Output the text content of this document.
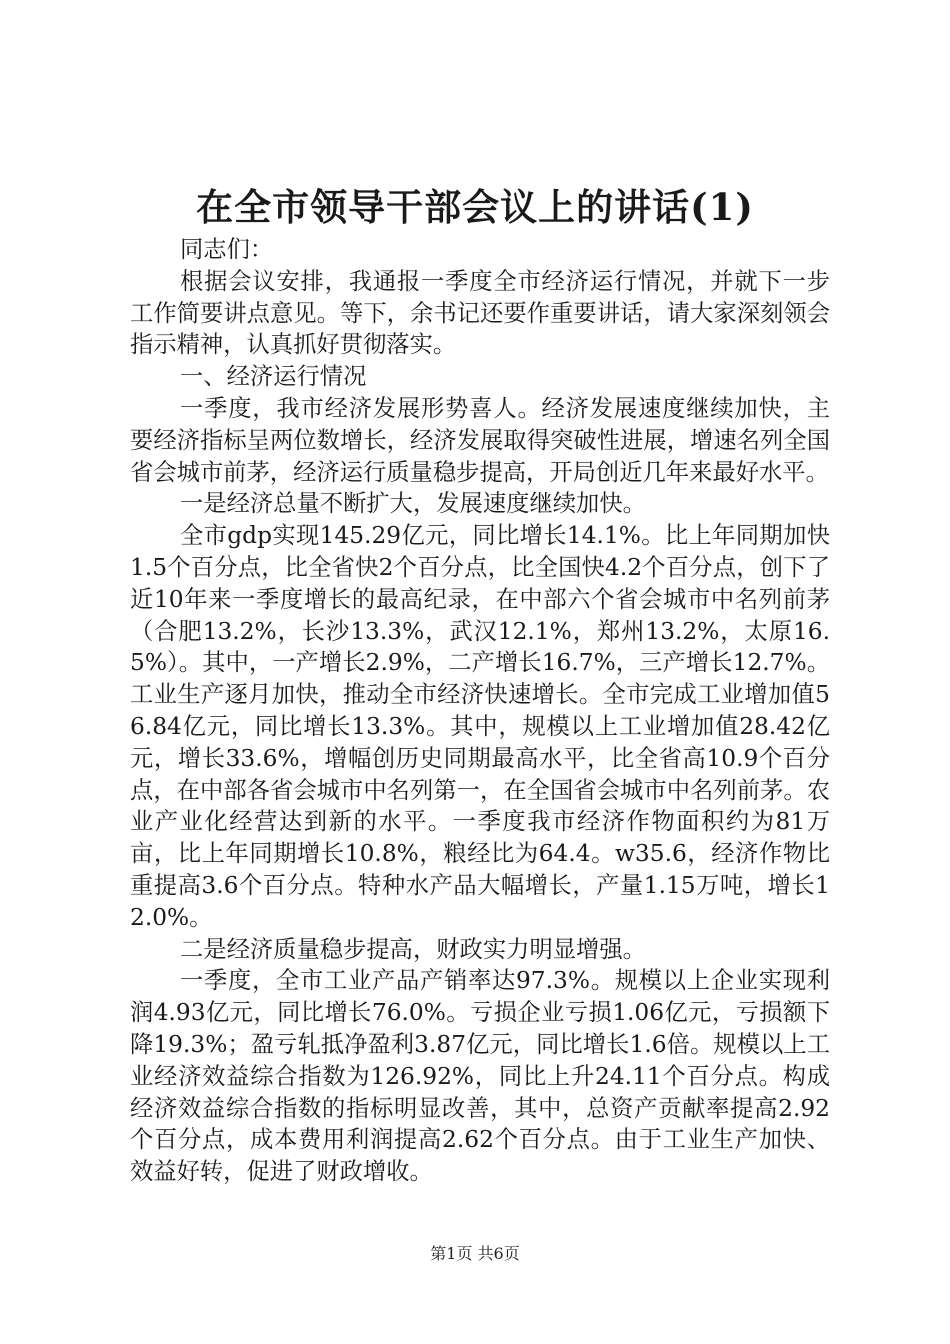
在全市领导干部会议上的讲话(1)

同志们：

根据会议安排，我通报一季度全市经济运行情况，并就下一步工作简要讲点意见。等下，余书记还要作重要讲话，请大家深刻领会指示精神，认真抓好贯彻落实。

一、经济运行情况

一季度，我市经济发展形势喜人。经济发展速度继续加快，主要经济指标呈两位数增长，经济发展取得突破性进展，增速名列全国省会城市前茅，经济运行质量稳步提高，开局创近几年来最好水平。

一是经济总量不断扩大，发展速度继续加快。

全市gdp实现145.29亿元，同比增长14.1%。比上年同期加快1.5个百分点，比全省快2个百分点，比全国快4.2个百分点，创下了近10年来一季度增长的最高纪录，在中部六个省会城市中名列前茅（合肥13.2%，长沙13.3%，武汉12.1%，郑州13.2%，太原16.5%）。其中，一产增长2.9%，二产增长16.7%，三产增长12.7%。工业生产逐月加快，推动全市经济快速增长。全市完成工业增加值56.84亿元，同比增长13.3%。其中，规模以上工业增加值28.42亿元，增长33.6%，增幅创历史同期最高水平，比全省高10.9个百分点，在中部各省会城市中名列第一，在全国省会城市中名列前茅。农业产业化经营达到新的水平。一季度我市经济作物面积约为81万亩，比上年同期增长10.8%，粮经比为64.4。w35.6，经济作物比重提高3.6个百分点。特种水产品大幅增长，产量1.15万吨，增长12.0%。

二是经济质量稳步提高，财政实力明显增强。

一季度，全市工业产品产销率达97.3%。规模以上企业实现利润4.93亿元，同比增长76.0%。亏损企业亏损1.06亿元，亏损额下降19.3%；盈亏轧抵净盈利3.87亿元，同比增长1.6倍。规模以上工业经济效益综合指数为126.92%，同比上升24.11个百分点。构成经济效益综合指数的指标明显改善，其中，总资产贡献率提高2.92个百分点，成本费用利润提高2.62个百分点。由于工业生产加快、效益好转，促进了财政增收。

第1页 共6页
